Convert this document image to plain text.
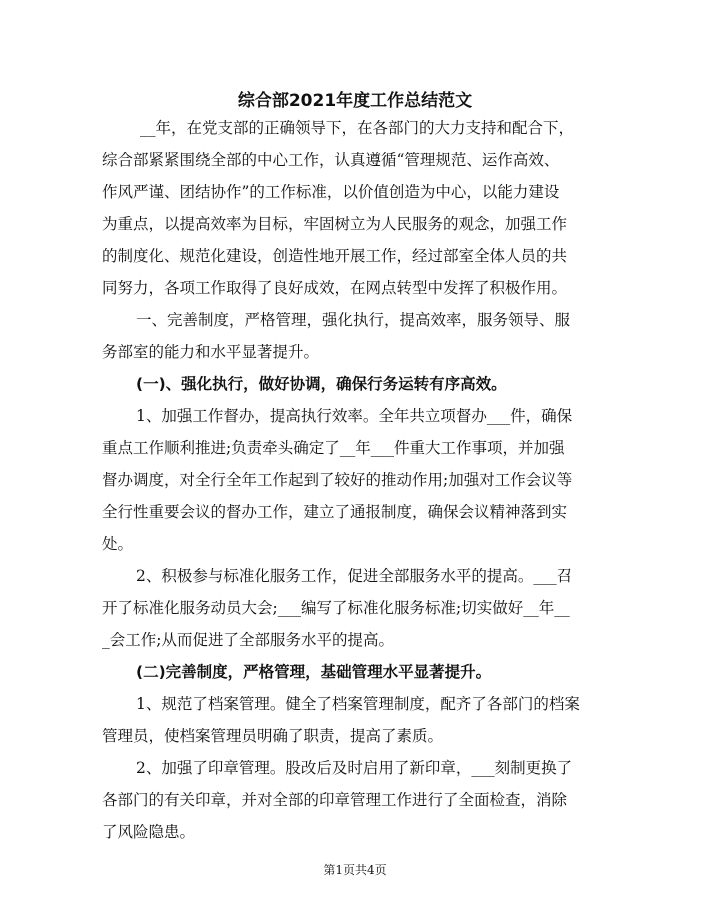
综合部2021年度工作总结范文
__年，在党支部的正确领导下，在各部门的大力支持和配合下，
综合部紧紧围绕全部的中心工作，认真遵循“管理规范、运作高效、
作风严谨、团结协作”的工作标准，以价值创造为中心，以能力建设
为重点，以提高效率为目标，牢固树立为人民服务的观念，加强工作
的制度化、规范化建设，创造性地开展工作，经过部室全体人员的共
同努力，各项工作取得了良好成效，在网点转型中发挥了积极作用。
一、完善制度，严格管理，强化执行，提高效率，服务领导、服
务部室的能力和水平显著提升。
(一)、强化执行，做好协调，确保行务运转有序高效。
1、加强工作督办，提高执行效率。全年共立项督办___件，确保
重点工作顺利推进;负责牵头确定了__年___件重大工作事项，并加强
督办调度，对全行全年工作起到了较好的推动作用;加强对工作会议等
全行性重要会议的督办工作，建立了通报制度，确保会议精神落到实
处。
2、积极参与标准化服务工作，促进全部服务水平的提高。___召
开了标准化服务动员大会;___编写了标准化服务标准;切实做好__年__
_会工作;从而促进了全部服务水平的提高。
(二)完善制度，严格管理，基础管理水平显著提升。
1、规范了档案管理。健全了档案管理制度，配齐了各部门的档案
管理员，使档案管理员明确了职责，提高了素质。
2、加强了印章管理。股改后及时启用了新印章，___刻制更换了
各部门的有关印章，并对全部的印章管理工作进行了全面检查，消除
了风险隐患。
第1页共4页
